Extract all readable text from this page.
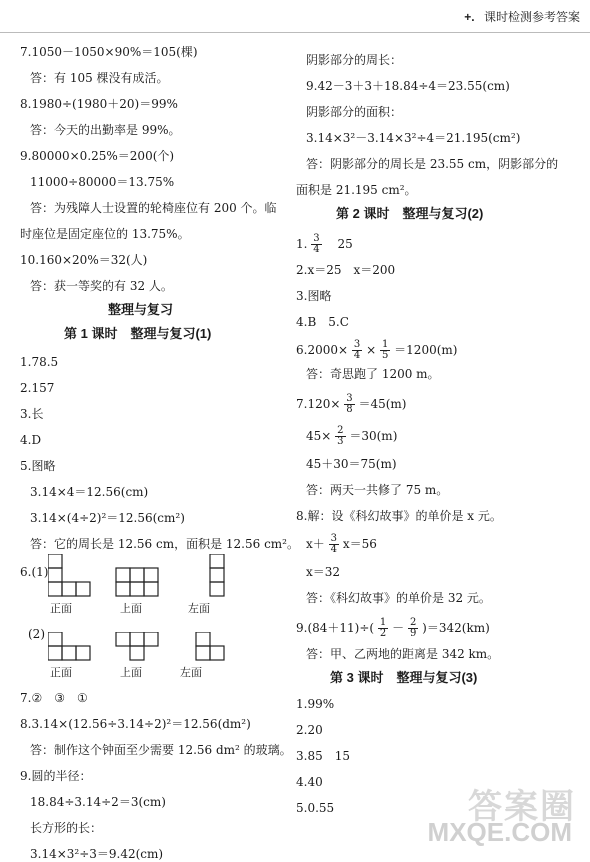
+. 课时检测参考答案
7.1050－1050×90%＝105(棵)
答：有 105 棵没有成活。
8.1980÷(1980＋20)＝99%
答：今天的出勤率是 99%。
9.80000×0.25%＝200(个)
11000÷80000＝13.75%
答：为残障人士设置的轮椅座位有 200 个。临
时座位是固定座位的 13.75%。
10.160×20%＝32(人)
答：获一等奖的有 32 人。
整理与复习
第 1 课时　整理与复习(1)
1.78.5
2.157
3.长
4.D
5.图略
3.14×4＝12.56(cm)
3.14×(4÷2)²＝12.56(cm²)
答：它的周长是 12.56 cm，面积是 12.56 cm²。
6.(1)
正面	上面	左面
(2)
正面	上面	左面
7.②　③　①
8.3.14×(12.56÷3.14÷2)²＝12.56(dm²)
答：制作这个钟面至少需要 12.56 dm² 的玻璃。
9.圆的半径：
18.84÷3.14÷2＝3(cm)
长方形的长：
3.14×3²÷3＝9.42(cm)
阴影部分的周长：
9.42－3＋3＋18.84÷4＝23.55(cm)
阴影部分的面积：
3.14×3²－3.14×3²÷4＝21.195(cm²)
答：阴影部分的周长是 23.55 cm，阴影部分的
面积是 21.195 cm²。
第 2 课时　整理与复习(2)
1. $\frac{3}{4}$ 　25
2.x＝25　x＝200
3.图略
4.B　5.C
$6.2000\times \frac{3}{4} \times \frac{1}{5} =1200(m)$
答：奇思跑了 1200 m。
$7.120\times \frac{3}{8} =45(m)$
$45\times \frac{2}{3} =30(m)$
45＋30＝75(m)
答：两天一共修了 75 m。
8.解：设《科幻故事》的单价是 x 元。
$x+ \frac{3}{4} x=56$
x＝32
答：《科幻故事》的单价是 32 元。
$9.(84+11)\div( \frac{1}{2} - \frac{2}{9} )=342(km)$
答：甲、乙两地的距离是 342 km。
第 3 课时　整理与复习(3)
1.99%
2.20
3.85　15
4.40
5.0.55	答案圈
MXQE.COM
